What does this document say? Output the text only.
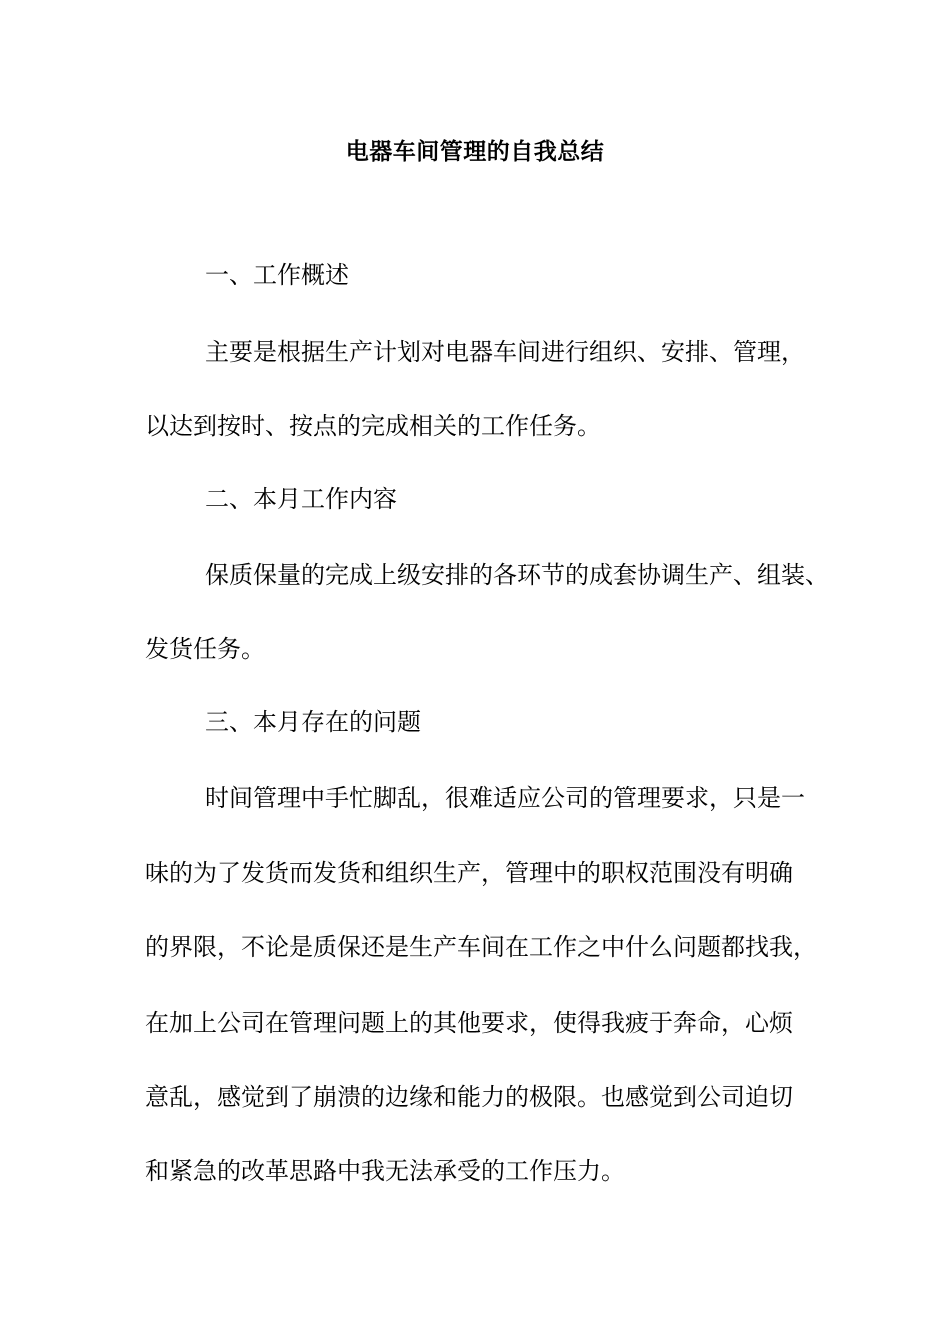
电器车间管理的自我总结
一、工作概述
主要是根据生产计划对电器车间进行组织、安排、管理，
以达到按时、按点的完成相关的工作任务。
二、本月工作内容
保质保量的完成上级安排的各环节的成套协调生产、组装、
发货任务。
三、本月存在的问题
时间管理中手忙脚乱，很难适应公司的管理要求，只是一
味的为了发货而发货和组织生产，管理中的职权范围没有明确
的界限，不论是质保还是生产车间在工作之中什么问题都找我，
在加上公司在管理问题上的其他要求，使得我疲于奔命，心烦
意乱，感觉到了崩溃的边缘和能力的极限。也感觉到公司迫切
和紧急的改革思路中我无法承受的工作压力。
